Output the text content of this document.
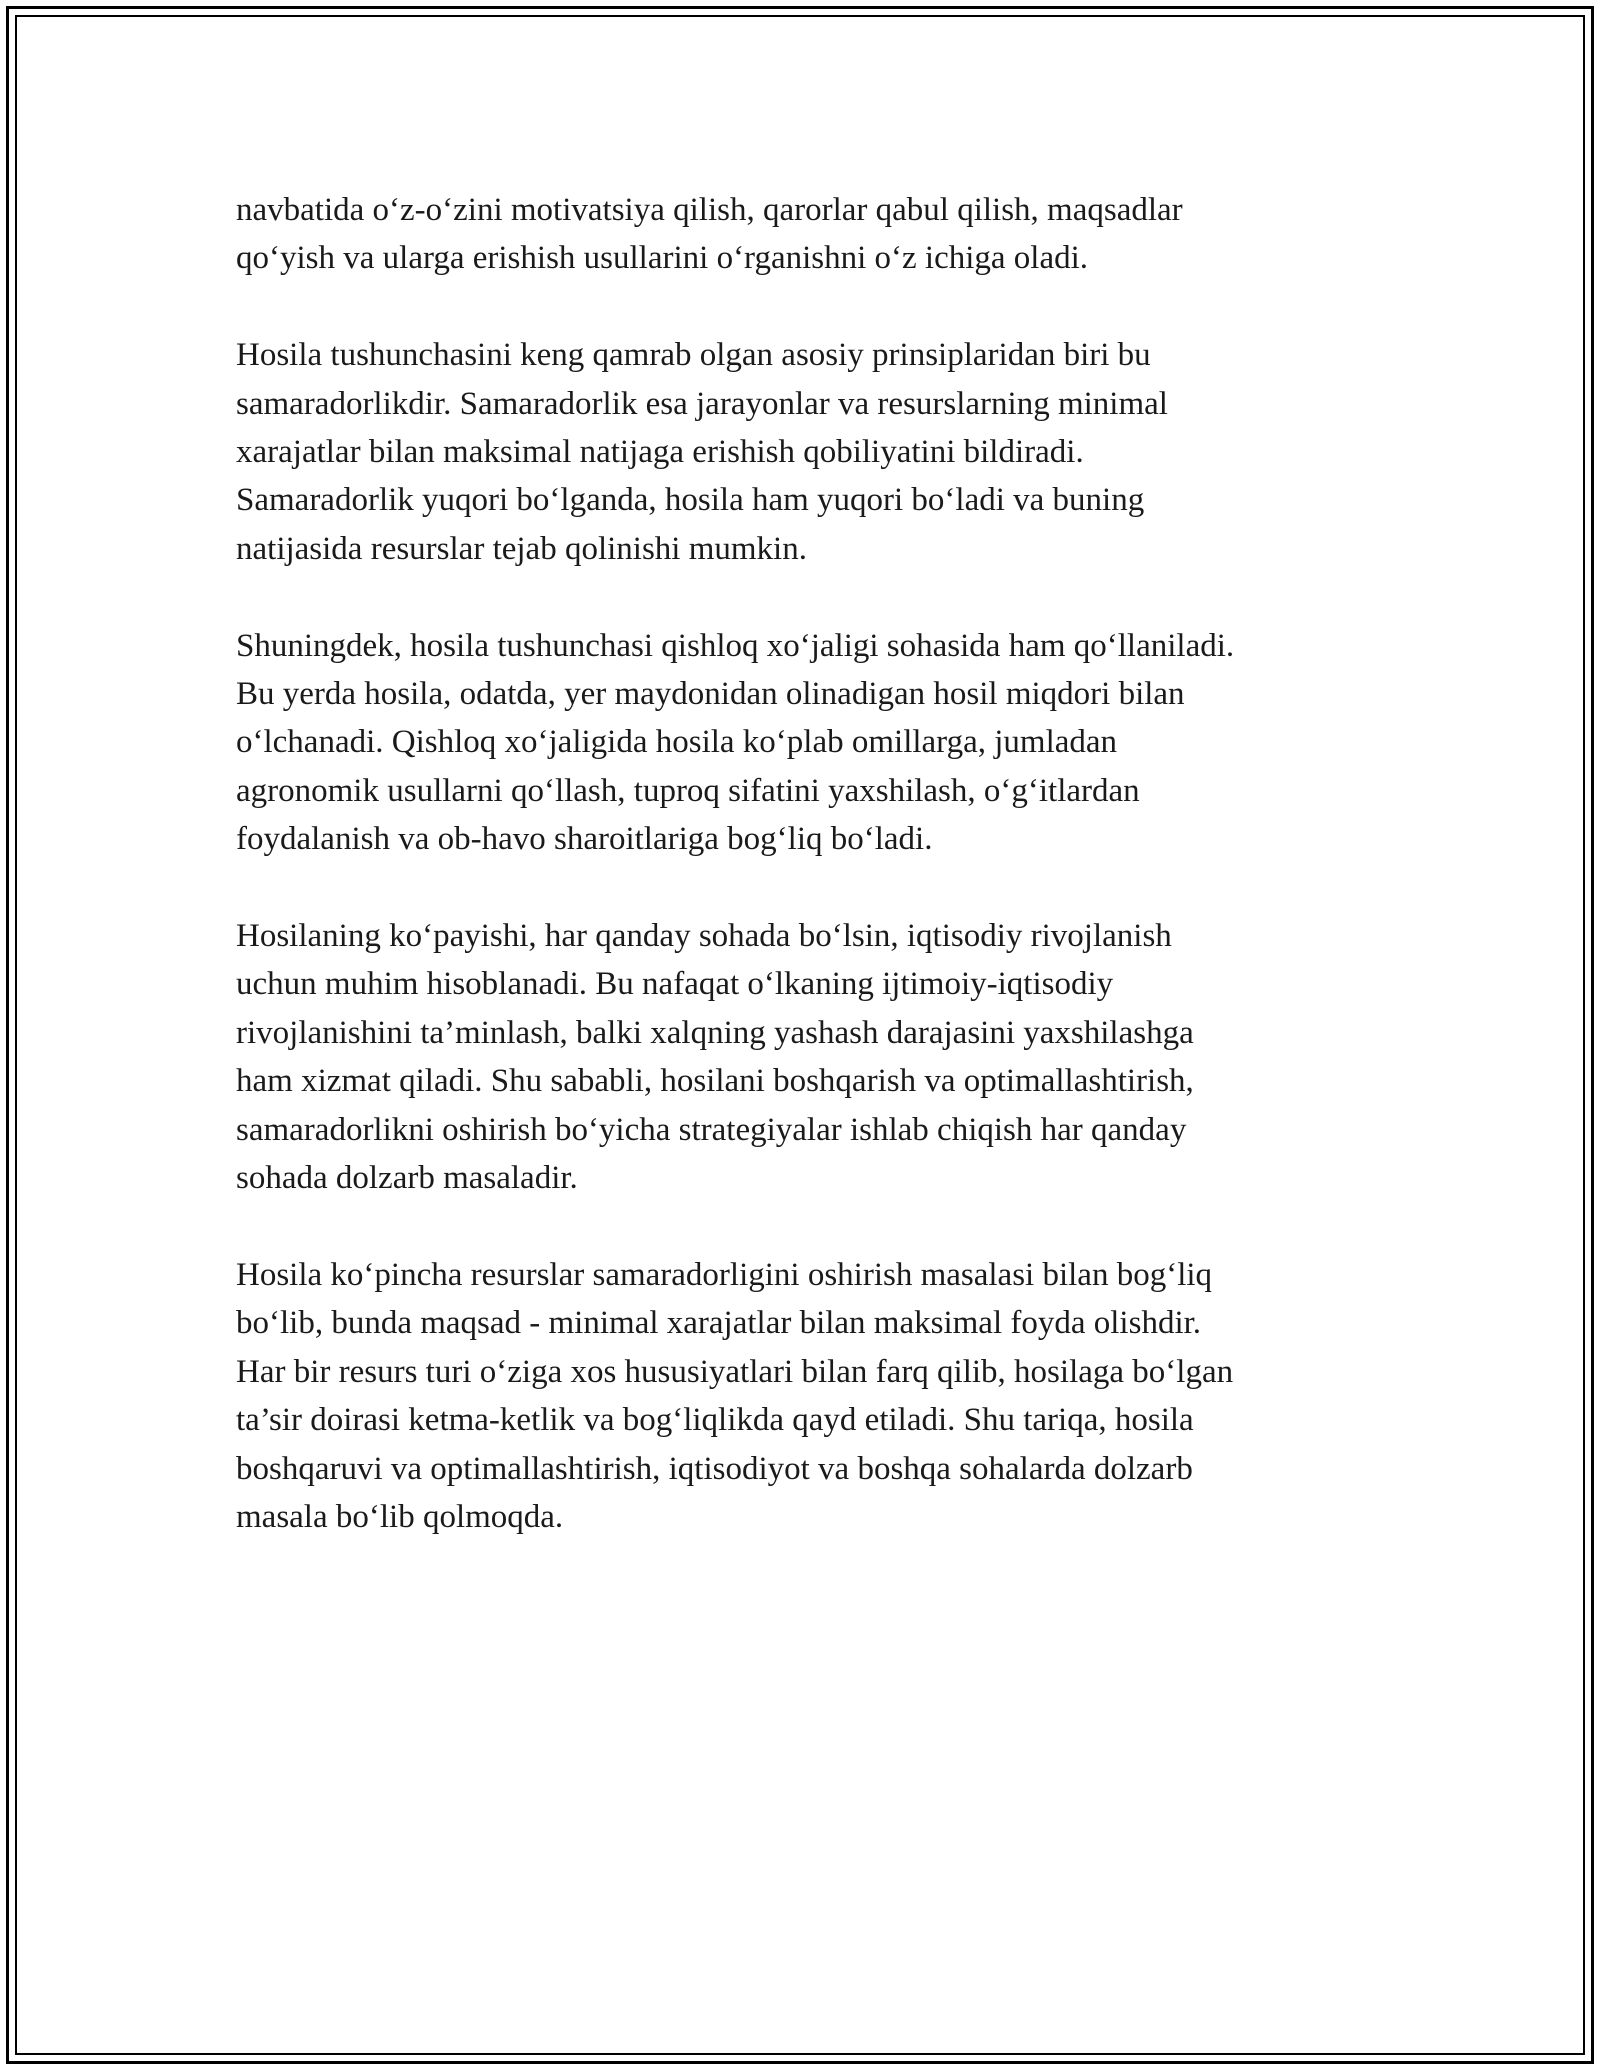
navbatida o‘z-o‘zini motivatsiya qilish, qarorlar qabul qilish, maqsadlar
qo‘yish va ularga erishish usullarini o‘rganishni o‘z ichiga oladi.

Hosila tushunchasini keng qamrab olgan asosiy prinsiplaridan biri bu
samaradorlikdir. Samaradorlik esa jarayonlar va resurslarning minimal
xarajatlar bilan maksimal natijaga erishish qobiliyatini bildiradi.
Samaradorlik yuqori bo‘lganda, hosila ham yuqori bo‘ladi va buning
natijasida resurslar tejab qolinishi mumkin.

Shuningdek, hosila tushunchasi qishloq xo‘jaligi sohasida ham qo‘llaniladi.
Bu yerda hosila, odatda, yer maydonidan olinadigan hosil miqdori bilan
o‘lchanadi. Qishloq xo‘jaligida hosila ko‘plab omillarga, jumladan
agronomik usullarni qo‘llash, tuproq sifatini yaxshilash, o‘g‘itlardan
foydalanish va ob-havo sharoitlariga bog‘liq bo‘ladi.

Hosilaning ko‘payishi, har qanday sohada bo‘lsin, iqtisodiy rivojlanish
uchun muhim hisoblanadi. Bu nafaqat o‘lkaning ijtimoiy-iqtisodiy
rivojlanishini ta’minlash, balki xalqning yashash darajasini yaxshilashga
ham xizmat qiladi. Shu sababli, hosilani boshqarish va optimallashtirish,
samaradorlikni oshirish bo‘yicha strategiyalar ishlab chiqish har qanday
sohada dolzarb masaladir.

Hosila ko‘pincha resurslar samaradorligini oshirish masalasi bilan bog‘liq
bo‘lib, bunda maqsad - minimal xarajatlar bilan maksimal foyda olishdir.
Har bir resurs turi o‘ziga xos hususiyatlari bilan farq qilib, hosilaga bo‘lgan
ta’sir doirasi ketma-ketlik va bog‘liqlikda qayd etiladi. Shu tariqa, hosila
boshqaruvi va optimallashtirish, iqtisodiyot va boshqa sohalarda dolzarb
masala bo‘lib qolmoqda.
